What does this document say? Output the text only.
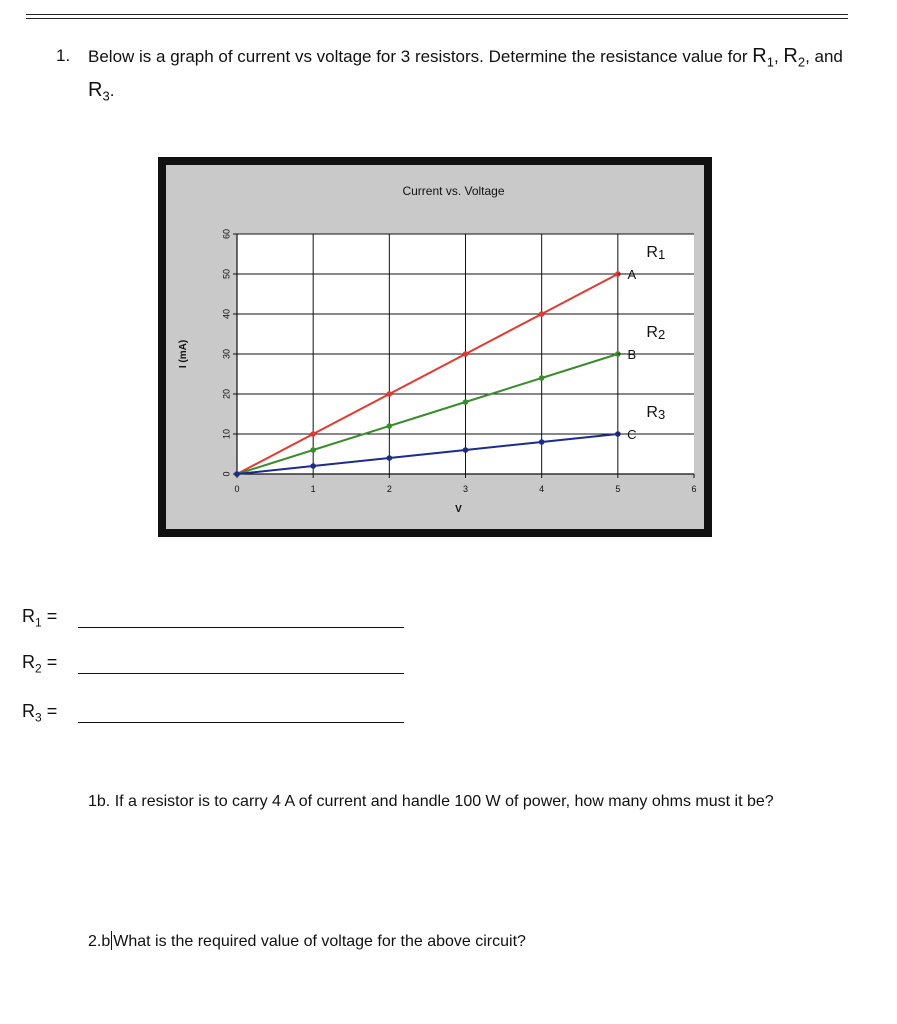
1. Below is a graph of current vs voltage for 3 resistors. Determine the resistance value for $R_1$, $R_2$, and $R_3$.
0
10
20
30
40
50
60
0	1	2	3	4	5	6
Current vs. Voltage
V
I (mA)
A
R1
B
R2
C
R3
$R_1$ =
$R_2$ =
$R_3$ =
1b. If a resistor is to carry 4 A of current and handle 100 W of power, how many ohms must it be?
2.b What is the required value of voltage for the above circuit?
